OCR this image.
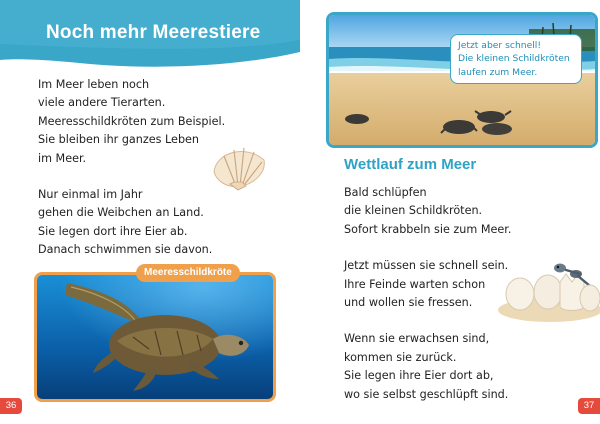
Noch mehr Meerestiere

Im Meer leben noch
viele andere Tierarten.
Meeresschildkröten zum Beispiel.
Sie bleiben ihr ganzes Leben
im Meer.

Nur einmal im Jahr
gehen die Weibchen an Land.
Sie legen dort ihre Eier ab.
Danach schwimmen sie davon.

Meeresschildkröte
36
Jetzt aber schnell!
Die kleinen Schildkröten
laufen zum Meer.
Wettlauf zum Meer

Bald schlüpfen
die kleinen Schildkröten.
Sofort krabbeln sie zum Meer.

Jetzt müssen sie schnell sein.
Ihre Feinde warten schon
und wollen sie fressen.

Wenn sie erwachsen sind,
kommen sie zurück.
Sie legen ihre Eier dort ab,
wo sie selbst geschlüpft sind.

37
